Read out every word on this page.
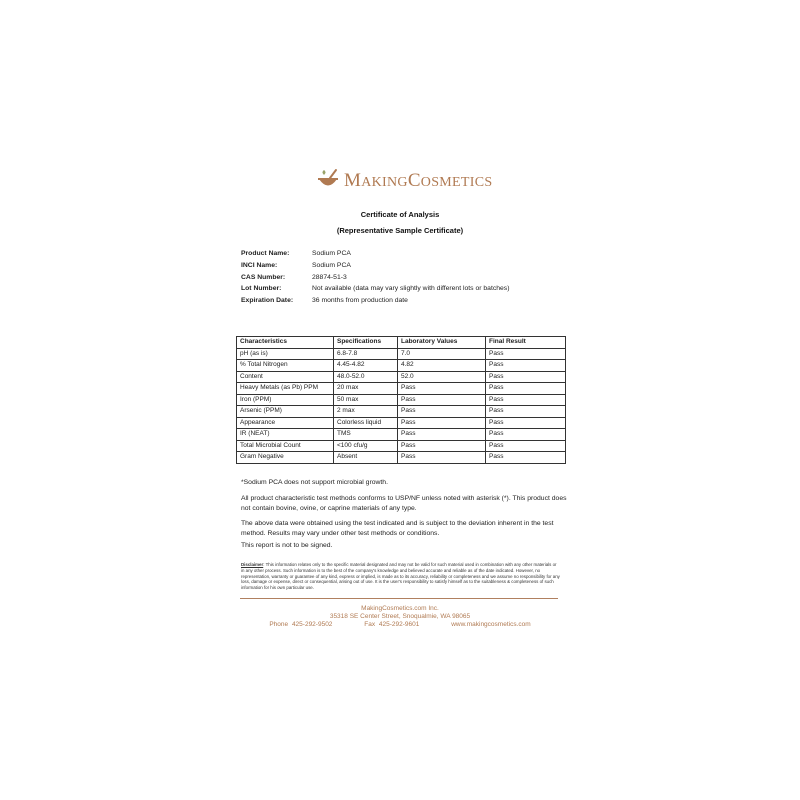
MAKINGCOSMETICS
Certificate of Analysis
(Representative Sample Certificate)
Product Name:	Sodium PCA
INCI Name:	Sodium PCA
CAS Number:	28874-51-3
Lot Number:	Not available (data may vary slightly with different lots or batches)
Expiration Date:	36 months from production date
Characteristics	Specifications	Laboratory Values	Final Result
pH (as is)	6.8-7.8	7.0	Pass
% Total Nitrogen	4.45-4.82	4.82	Pass
Content	48.0-52.0	52.0	Pass
Heavy Metals (as Pb) PPM	20 max	Pass	Pass
Iron (PPM)	50 max	Pass	Pass
Arsenic (PPM)	2 max	Pass	Pass
Appearance	Colorless liquid	Pass	Pass
IR (NEAT)	TMS	Pass	Pass
Total Microbial Count	<100 cfu/g	Pass	Pass
Gram Negative	Absent	Pass	Pass
*Sodium PCA does not support microbial growth.
All product characteristic test methods conforms to USP/NF unless noted with asterisk (*). This product does not contain bovine, ovine, or caprine materials of any type.
The above data were obtained using the test indicated and is subject to the deviation inherent in the test method. Results may vary under other test methods or conditions.
This report is not to be signed.
Disclaimer: This information relates only to the specific material designated and may not be valid for such material used in combination with any other materials or in any other process. Such information is to the best of the company's knowledge and believed accurate and reliable as of the date indicated. However, no representation, warranty or guarantee of any kind, express or implied, is made as to its accuracy, reliability or completeness and we assume no responsibility for any loss, damage or expense, direct or consequential, arising out of use. It is the user's responsibility to satisfy himself as to the suitableness & completeness of such information for his own particular use.
MakingCosmetics.com Inc.
35318 SE Center Street, Snoqualmie, WA 98065
Phone 425-292-9502	Fax 425-292-9601	www.makingcosmetics.com
